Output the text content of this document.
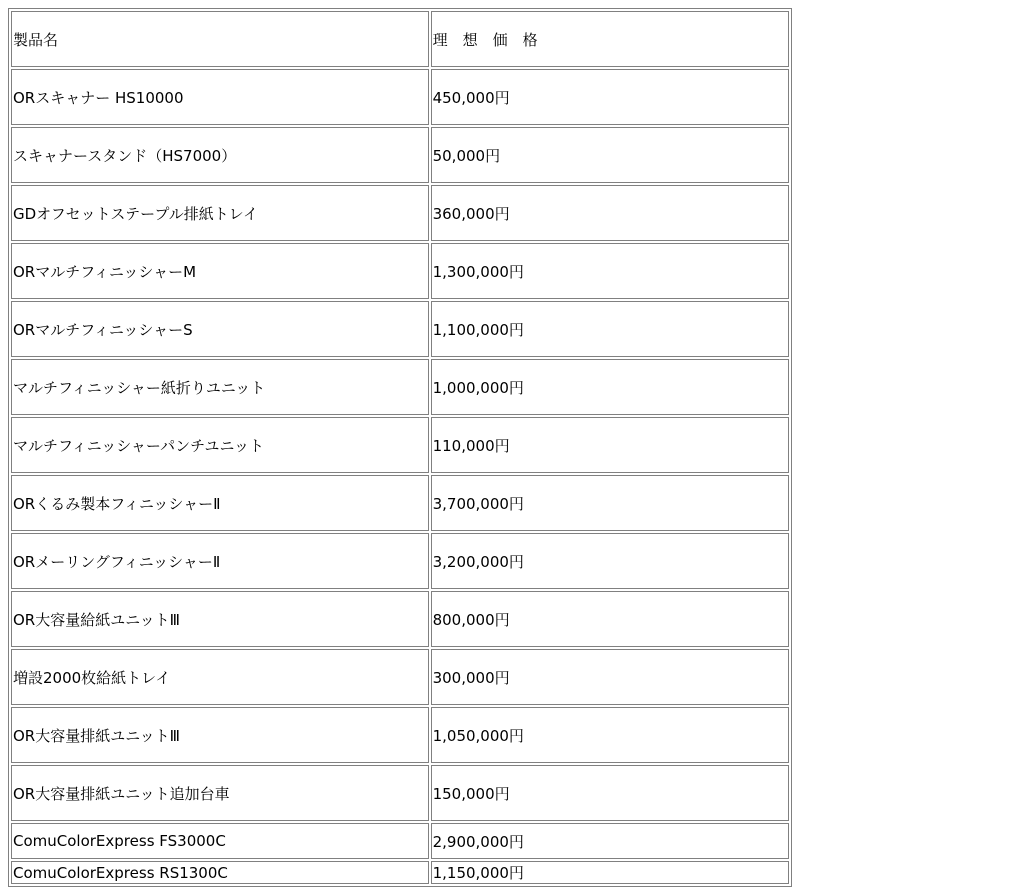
製品名	理　想　価　格
ORスキャナー HS10000	450,000円
スキャナースタンド（HS7000）	50,000円
GDオフセットステープル排紙トレイ	360,000円
ORマルチフィニッシャーM	1,300,000円
ORマルチフィニッシャーS	1,100,000円
マルチフィニッシャー紙折りユニット	1,000,000円
マルチフィニッシャーパンチユニット	110,000円
ORくるみ製本フィニッシャーⅡ	3,700,000円
ORメーリングフィニッシャーⅡ	3,200,000円
OR大容量給紙ユニットⅢ	800,000円
増設2000枚給紙トレイ	300,000円
OR大容量排紙ユニットⅢ	1,050,000円
OR大容量排紙ユニット追加台車	150,000円
ComuColorExpress FS3000C	2,900,000円
ComuColorExpress RS1300C	1,150,000円
